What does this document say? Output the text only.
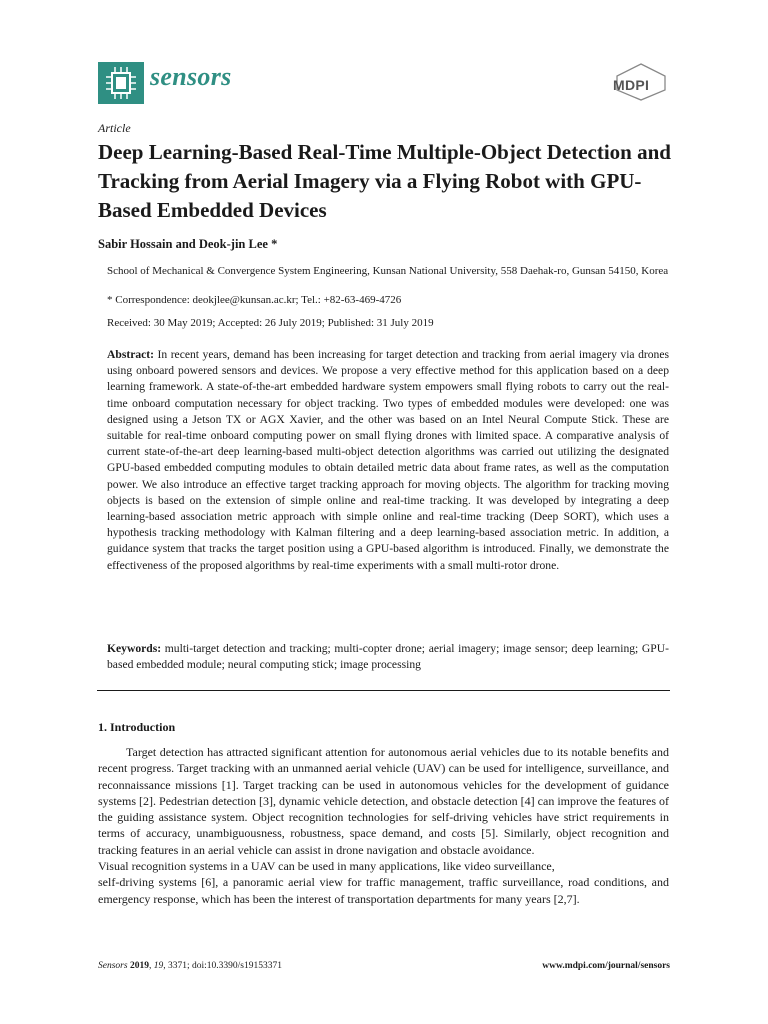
sensors	MDPI
Article
Deep Learning-Based Real-Time Multiple-Object Detection and Tracking from Aerial Imagery via a Flying Robot with GPU-Based Embedded Devices
Sabir Hossain and Deok-jin Lee *
School of Mechanical & Convergence System Engineering, Kunsan National University, 558 Daehak-ro, Gunsan 54150, Korea
* Correspondence: deokjlee@kunsan.ac.kr; Tel.: +82-63-469-4726
Received: 30 May 2019; Accepted: 26 July 2019; Published: 31 July 2019
Abstract: In recent years, demand has been increasing for target detection and tracking from aerial imagery via drones using onboard powered sensors and devices. We propose a very effective method for this application based on a deep learning framework. A state-of-the-art embedded hardware system empowers small flying robots to carry out the real-time onboard computation necessary for object tracking. Two types of embedded modules were developed: one was designed using a Jetson TX or AGX Xavier, and the other was based on an Intel Neural Compute Stick. These are suitable for real-time onboard computing power on small flying drones with limited space. A comparative analysis of current state-of-the-art deep learning-based multi-object detection algorithms was carried out utilizing the designated GPU-based embedded computing modules to obtain detailed metric data about frame rates, as well as the computation power. We also introduce an effective target tracking approach for moving objects. The algorithm for tracking moving objects is based on the extension of simple online and real-time tracking. It was developed by integrating a deep learning-based association metric approach with simple online and real-time tracking (Deep SORT), which uses a hypothesis tracking methodology with Kalman filtering and a deep learning-based association metric. In addition, a guidance system that tracks the target position using a GPU-based algorithm is introduced. Finally, we demonstrate the effectiveness of the proposed algorithms by real-time experiments with a small multi-rotor drone.
Keywords: multi-target detection and tracking; multi-copter drone; aerial imagery; image sensor; deep learning; GPU-based embedded module; neural computing stick; image processing
1. Introduction

Target detection has attracted significant attention for autonomous aerial vehicles due to its notable benefits and recent progress. Target tracking with an unmanned aerial vehicle (UAV) can be used for intelligence, surveillance, and reconnaissance missions [1]. Target tracking can be used in autonomous vehicles for the development of guidance systems [2]. Pedestrian detection [3], dynamic vehicle detection, and obstacle detection [4] can improve the features of the guiding assistance system. Object recognition technologies for self-driving vehicles have strict requirements in terms of accuracy, unambiguousness, robustness, space demand, and costs [5]. Similarly, object recognition and tracking features in an aerial vehicle can assist in drone navigation and obstacle avoidance.

Visual recognition systems in a UAV can be used in many applications, like video surveillance,

self-driving systems [6], a panoramic aerial view for traffic management, traffic surveillance, road conditions, and emergency response, which has been the interest of transportation departments for many years [2,7].

Sensors 2019, 19, 3371; doi:10.3390/s19153371	www.mdpi.com/journal/sensors
